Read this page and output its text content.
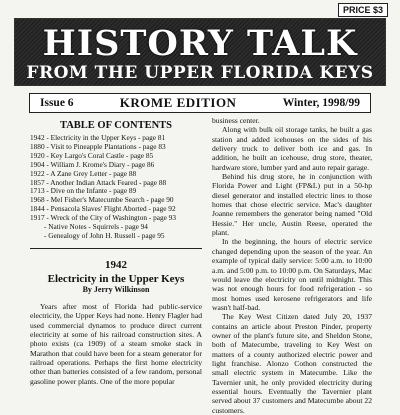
PRICE $3
HISTORY TALK
FROM THE UPPER FLORIDA KEYS
Issue 6	KROME EDITION	Winter, 1998/99
TABLE OF CONTENTS
1942 - Electricity in the Upper Keys - page 81
1880 - Visit to Pineapple Plantations - page 83
1920 - Key Largo's Coral Castle - page 85
1904 - William J. Krome's Diary - page 86
1922 - A Zane Grey Letter - page 88
1857 - Another Indian Attack Feared - page 88
1713 - Dive on the Infante - page 89
1968 - Mel Fisher's Matecumbe Search - page 90
1844 - Pensacola Slaves' Flight Aborted - page 92
1917 - Wreck of the City of Washington - page 93
- Native Notes - Squirrels - page 94
- Genealogy of John H. Russell - page 95
1942
Electricity in the Upper Keys
By Jerry Wilkinson
Years after most of Florida had public-service electricity, the Upper Keys had none. Henry Flagler had used commercial dynamos to produce direct current electricity at some of his railroad construction sites. A photo exists (ca 1909) of a steam smoke stack in Marathon that could have been for a steam generator for railroad operations. Perhaps the first home electricity other than batteries consisted of a few random, personal gasoline power plants. One of the more popular

business center.

Along with bulk oil storage tanks, he built a gas station and added icehouses on the sides of his delivery truck to deliver both ice and gas. In addition, he built an icehouse, drug store, theater, hardware store, lumber yard and auto repair garage.

Behind his drug store, he in conjunction with Florida Power and Light (FP&L) put in a 50-hp diesel generator and installed electric lines to those homes that chose electric service. Mac's daughter Joanne remembers the generator being named "Old Hessie." Her uncle, Austin Reese, operated the plant.

In the beginning, the hours of electric service changed depending upon the season of the year. An example of typical daily service: 5:00 a.m. to 10:00 a.m. and 5:00 p.m. to 10:00 p.m. On Saturdays, Mac would leave the electricity on until midnight. This was not enough hours for food refrigeration - so most homes used kerosene refrigerators and life wasn't half-bad.

The Key West Citizen dated July 20, 1937 contains an article about Preston Pinder, property owner of the plant's future site, and Sheldon Stone, both of Matecumbe, traveling to Key West on matters of a county authorized electric power and light franchise. Alonzo Cothon constructed the small electric system in Matecumbe. Like the Tavernier unit, he only provided electricity during essential hours. Eventually the Tavernier plant served about 37 customers and Matecumbe about 22 customers.
